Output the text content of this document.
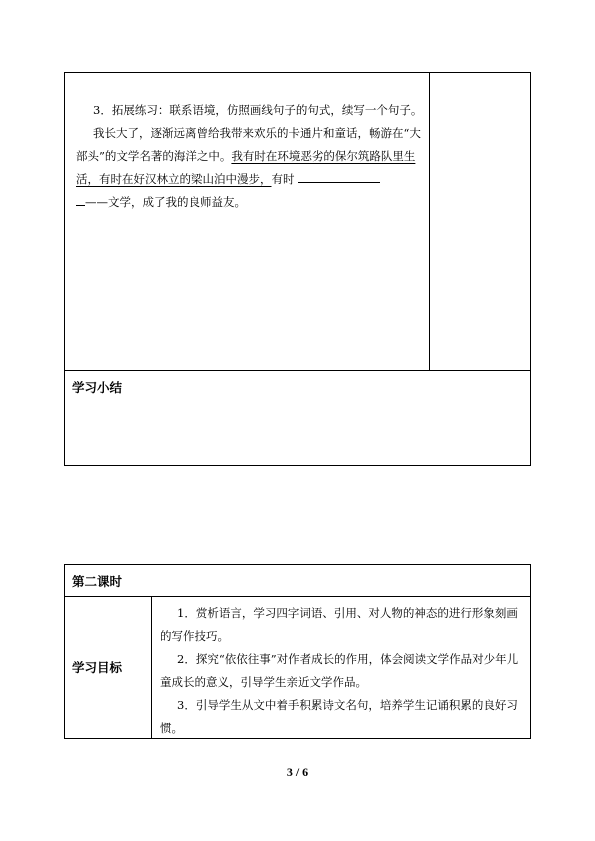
3．拓展练习：联系语境，仿照画线句子的句式，续写一个句子。

我长大了，逐渐远离曾给我带来欢乐的卡通片和童话，畅游在“大部头”的文学名著的海洋之中。我有时在环境恶劣的保尔筑路队里生活，有时在好汉林立的梁山泊中漫步，有时
——文学，成了我的良师益友。

学习小结
第二课时
学习目标

1．赏析语言，学习四字词语、引用、对人物的神态的进行形象刻画的写作技巧。

2．探究“依依往事”对作者成长的作用，体会阅读文学作品对少年儿童成长的意义，引导学生亲近文学作品。

3．引导学生从文中着手积累诗文名句，培养学生记诵积累的良好习惯。

3 / 6
